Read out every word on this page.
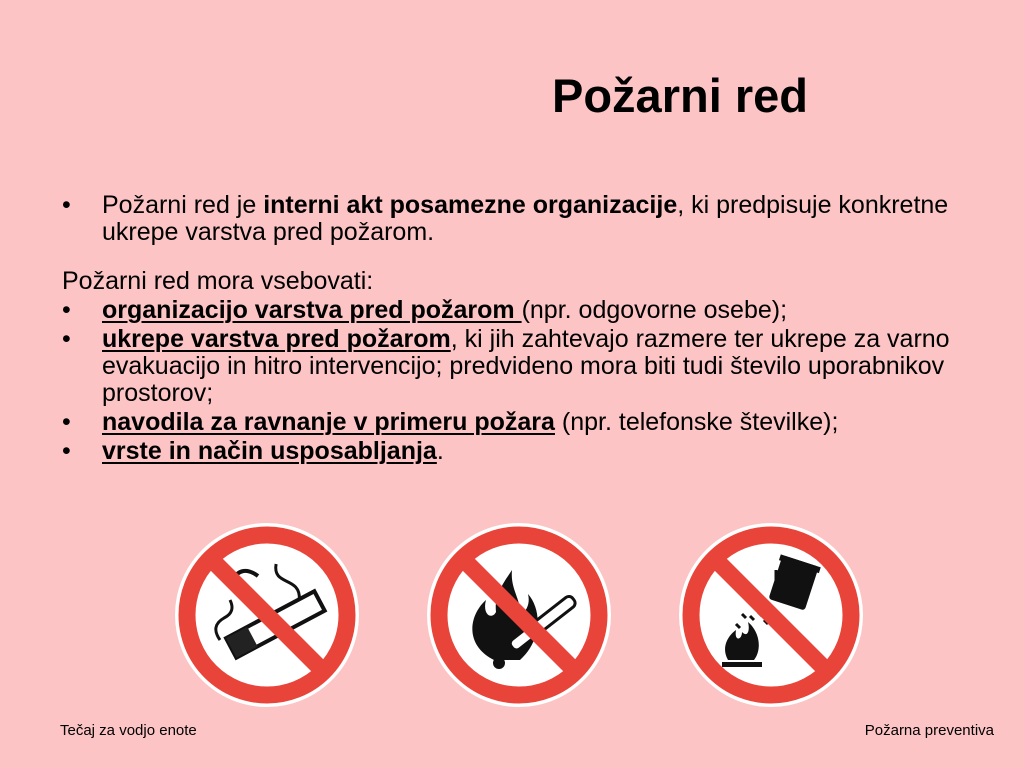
Požarni red
• Požarni red je interni akt posamezne organizacije, ki predpisuje konkretne ukrepe varstva pred požarom.
Požarni red mora vsebovati:
• organizacijo varstva pred požarom (npr. odgovorne osebe);
• ukrepe varstva pred požarom, ki jih zahtevajo razmere ter ukrepe za varno evakuacijo in hitro intervencijo; predvideno mora biti tudi število uporabnikov prostorov;
• navodila za ravnanje v primeru požara (npr. telefonske številke);
• vrste in način usposabljanja.
Tečaj za vodjo enote	Požarna preventiva
